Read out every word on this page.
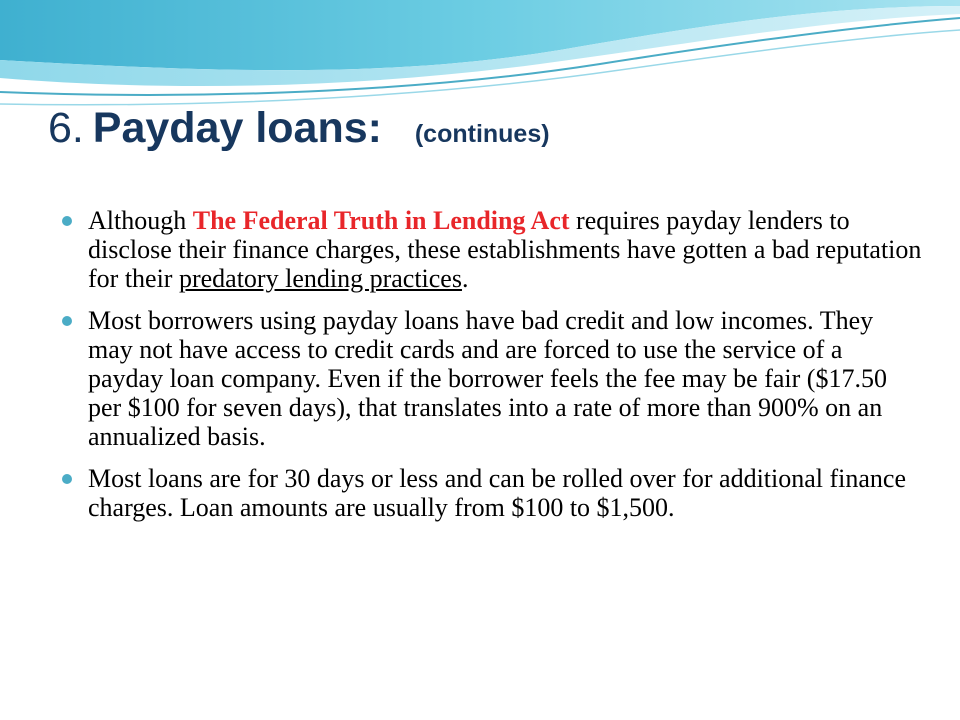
6. Payday loans: (continues)
Although The Federal Truth in Lending Act requires payday lenders to disclose their finance charges, these establishments have gotten a bad reputation for their predatory lending practices.
Most borrowers using payday loans have bad credit and low incomes. They may not have access to credit cards and are forced to use the service of a payday loan company. Even if the borrower feels the fee may be fair ($17.50 per $100 for seven days), that translates into a rate of more than 900% on an annualized basis.
Most loans are for 30 days or less and can be rolled over for additional finance charges. Loan amounts are usually from $100 to $1,500.
